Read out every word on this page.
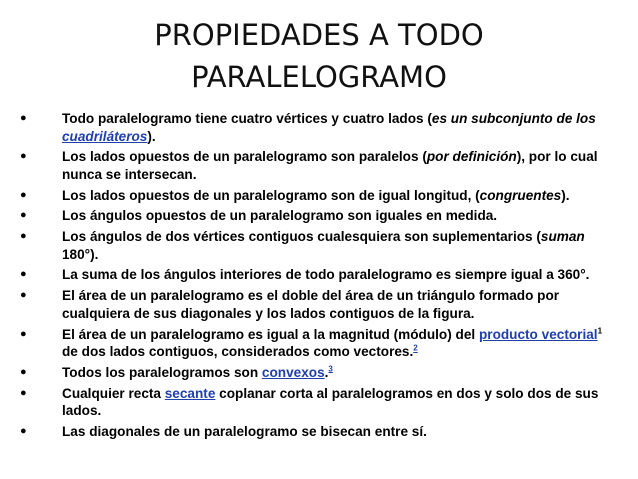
PROPIEDADES A TODO
PARALELOGRAMO
●	Todo paralelogramo tiene cuatro vértices y cuatro lados (es un subconjunto de los cuadriláteros).
●	Los lados opuestos de un paralelogramo son paralelos (por definición), por lo cual nunca se intersecan.
●	Los lados opuestos de un paralelogramo son de igual longitud, (congruentes).
●	Los ángulos opuestos de un paralelogramo son iguales en medida.
●	Los ángulos de dos vértices contiguos cualesquiera son suplementarios (suman 180°).
●	La suma de los ángulos interiores de todo paralelogramo es siempre igual a 360°.
●	El área de un paralelogramo es el doble del área de un triángulo formado por cualquiera de sus diagonales y los lados contiguos de la figura.
●	El área de un paralelogramo es igual a la magnitud (módulo) del producto vectorial$^1$ de dos lados contiguos, considerados como vectores.$^2$
●	Todos los paralelogramos son convexos.$^3$
●	Cualquier recta secante coplanar corta al paralelogramos en dos y solo dos de sus lados.
●	Las diagonales de un paralelogramo se bisecan entre sí.
